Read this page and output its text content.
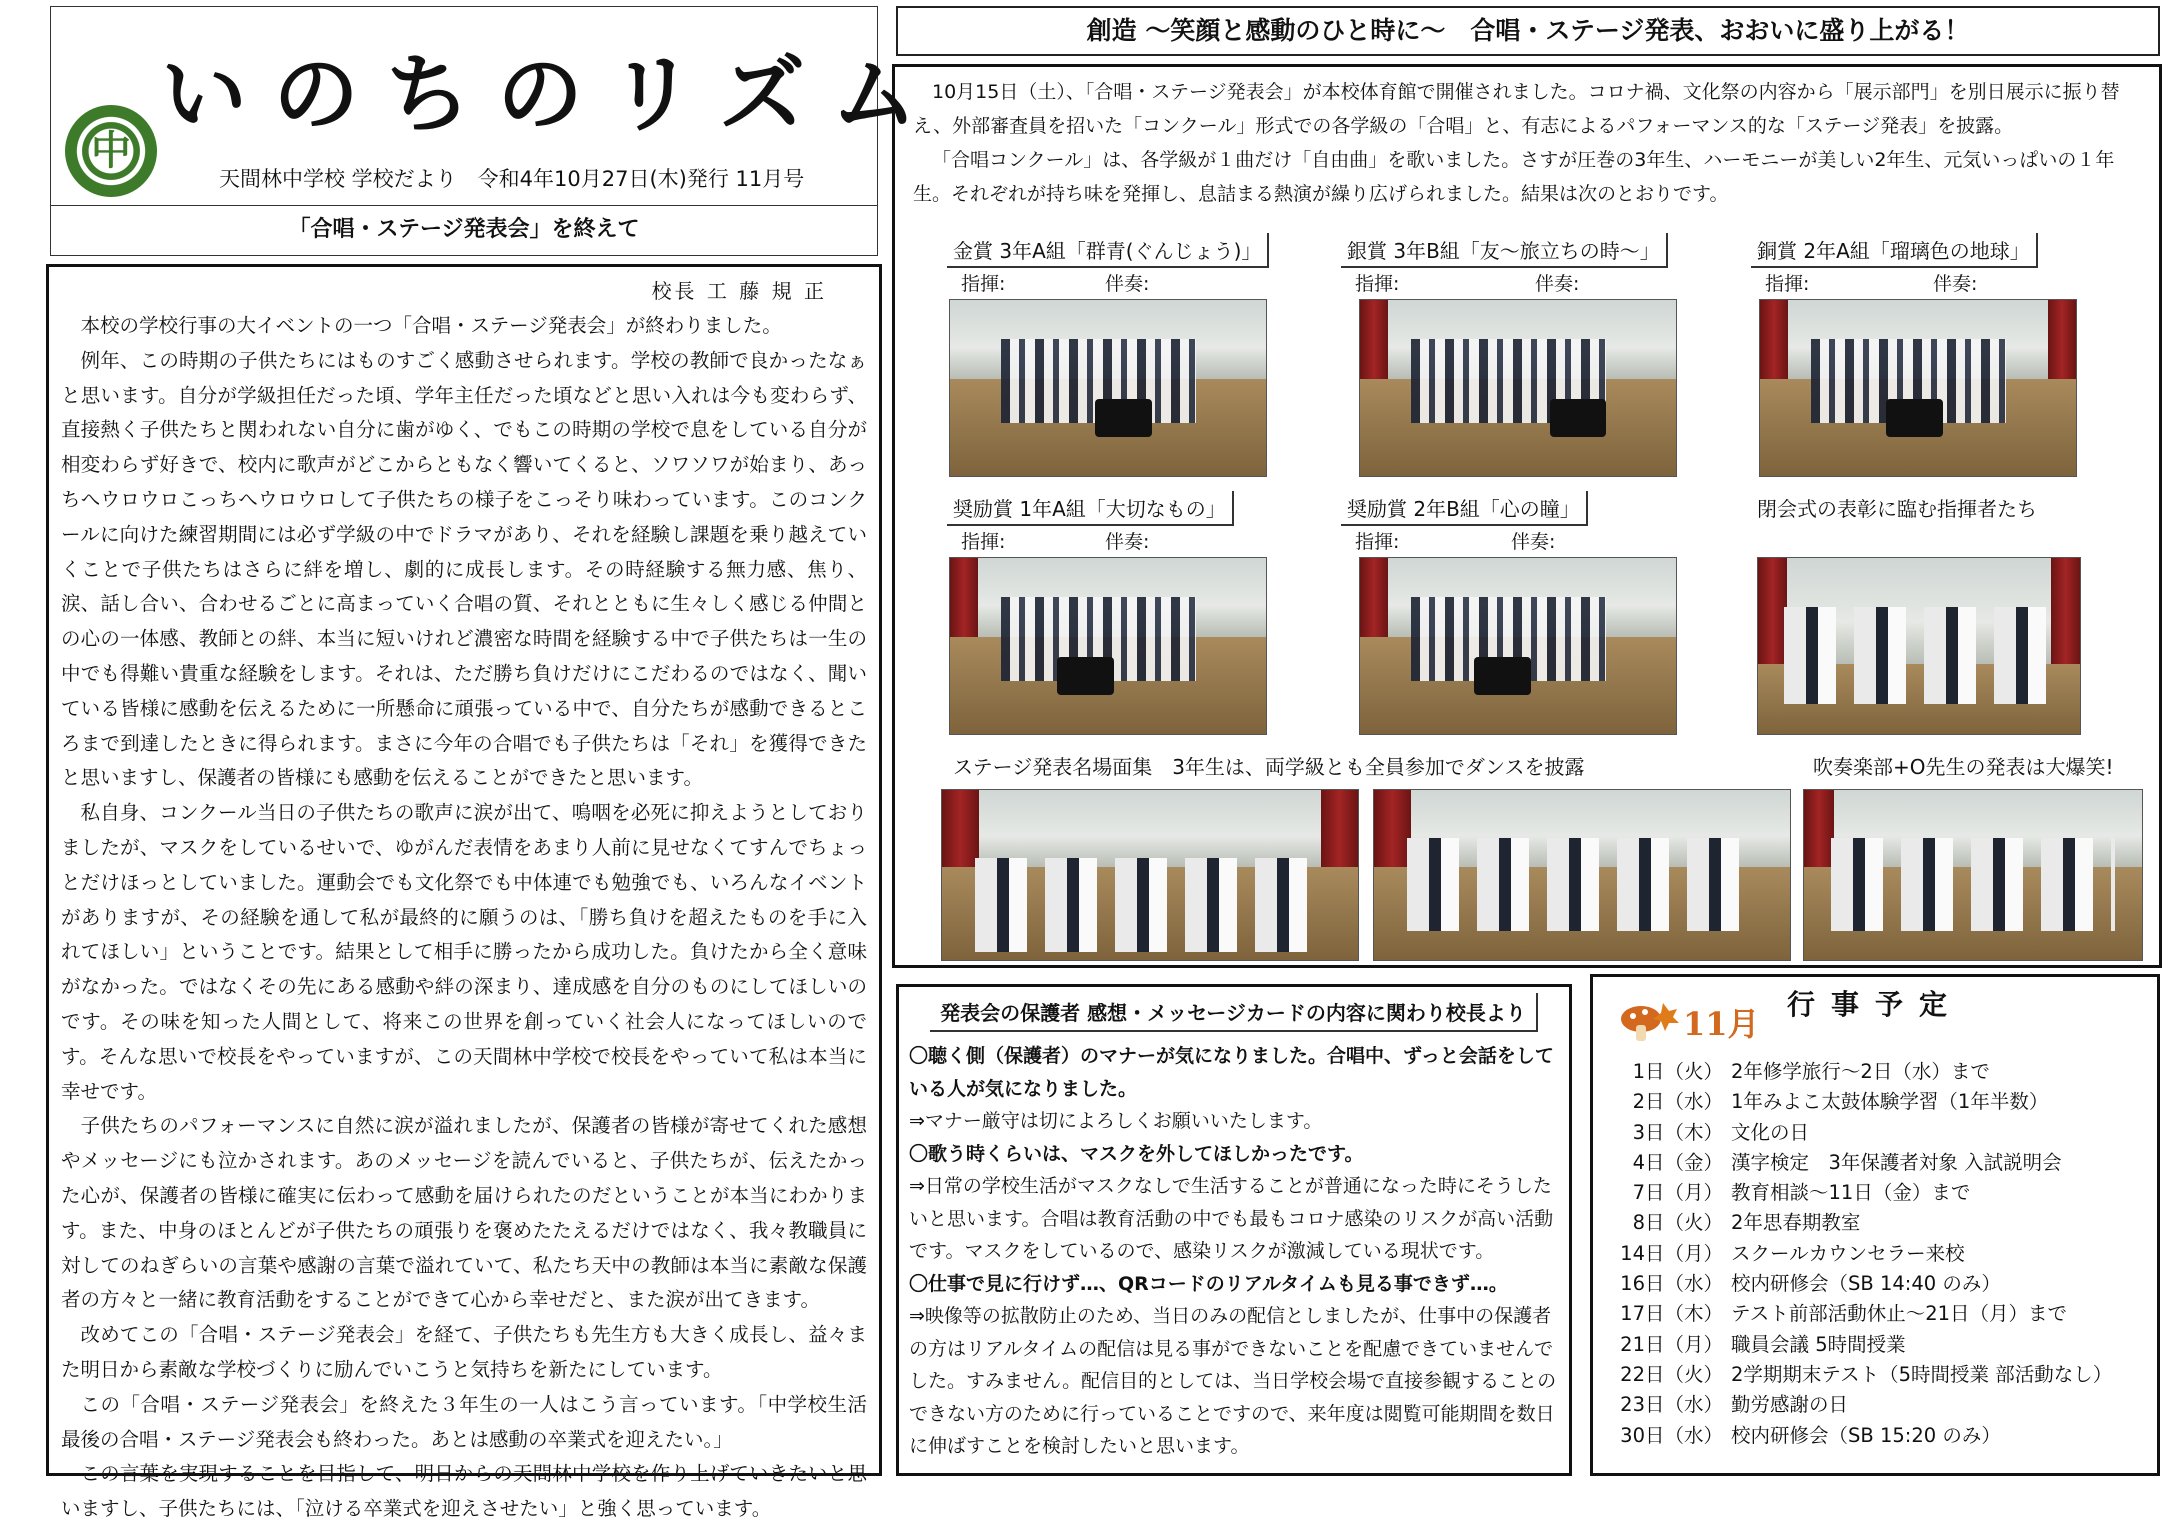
いのちのリズム
中
天間林中学校 学校だより　令和4年10月27日(木)発行 11月号
「合唱・ステージ発表会」を終えて
校長 工 藤 規 正

本校の学校行事の大イベントの一つ「合唱・ステージ発表会」が終わりました。

例年、この時期の子供たちにはものすごく感動させられます。学校の教師で良かったなぁと思います。自分が学級担任だった頃、学年主任だった頃などと思い入れは今も変わらず、直接熱く子供たちと関われない自分に歯がゆく、でもこの時期の学校で息をしている自分が相変わらず好きで、校内に歌声がどこからともなく響いてくると、ソワソワが始まり、あっちへウロウロこっちへウロウロして子供たちの様子をこっそり味わっています。このコンクールに向けた練習期間には必ず学級の中でドラマがあり、それを経験し課題を乗り越えていくことで子供たちはさらに絆を増し、劇的に成長します。その時経験する無力感、焦り、涙、話し合い、合わせるごとに高まっていく合唱の質、それとともに生々しく感じる仲間との心の一体感、教師との絆、本当に短いけれど濃密な時間を経験する中で子供たちは一生の中でも得難い貴重な経験をします。それは、ただ勝ち負けだけにこだわるのではなく、聞いている皆様に感動を伝えるために一所懸命に頑張っている中で、自分たちが感動できるところまで到達したときに得られます。まさに今年の合唱でも子供たちは「それ」を獲得できたと思いますし、保護者の皆様にも感動を伝えることができたと思います。

私自身、コンクール当日の子供たちの歌声に涙が出て、嗚咽を必死に抑えようとしておりましたが、マスクをしているせいで、ゆがんだ表情をあまり人前に見せなくてすんでちょっとだけほっとしていました。運動会でも文化祭でも中体連でも勉強でも、いろんなイベントがありますが、その経験を通して私が最終的に願うのは、「勝ち負けを超えたものを手に入れてほしい」ということです。結果として相手に勝ったから成功した。負けたから全く意味がなかった。ではなくその先にある感動や絆の深まり、達成感を自分のものにしてほしいのです。その味を知った人間として、将来この世界を創っていく社会人になってほしいのです。そんな思いで校長をやっていますが、この天間林中学校で校長をやっていて私は本当に幸せです。

子供たちのパフォーマンスに自然に涙が溢れましたが、保護者の皆様が寄せてくれた感想やメッセージにも泣かされます。あのメッセージを読んでいると、子供たちが、伝えたかった心が、保護者の皆様に確実に伝わって感動を届けられたのだということが本当にわかります。また、中身のほとんどが子供たちの頑張りを褒めたたえるだけではなく、我々教職員に対してのねぎらいの言葉や感謝の言葉で溢れていて、私たち天中の教師は本当に素敵な保護者の方々と一緒に教育活動をすることができて心から幸せだと、また涙が出てきます。

改めてこの「合唱・ステージ発表会」を経て、子供たちも先生方も大きく成長し、益々また明日から素敵な学校づくりに励んでいこうと気持ちを新たにしています。

この「合唱・ステージ発表会」を終えた３年生の一人はこう言っています。「中学校生活最後の合唱・ステージ発表会も終わった。あとは感動の卒業式を迎えたい。」

この言葉を実現することを目指して、明日からの天間林中学校を作り上げていきたいと思いますし、子供たちには、「泣ける卒業式を迎えさせたい」と強く思っています。

創造 ～笑顔と感動のひと時に～　合唱・ステージ発表、おおいに盛り上がる！

10月15日（土）、「合唱・ステージ発表会」が本校体育館で開催されました。コロナ禍、文化祭の内容から「展示部門」を別日展示に振り替え、外部審査員を招いた「コンクール」形式での各学級の「合唱」と、有志によるパフォーマンス的な「ステージ発表」を披露。

「合唱コンクール」は、各学級が１曲だけ「自由曲」を歌いました。さすが圧巻の3年生、ハーモニーが美しい2年生、元気いっぱいの１年生。それぞれが持ち味を発揮し、息詰まる熱演が繰り広げられました。結果は次のとおりです。

金賞 3年A組「群青(ぐんじょう)」
指揮:	伴奏:
銀賞 3年B組「友～旅立ちの時～」
指揮:	伴奏:
銅賞 2年A組「瑠璃色の地球」
指揮:	伴奏:
奨励賞 1年A組「大切なもの」
指揮:	伴奏:
奨励賞 2年B組「心の瞳」
指揮:	伴奏:
閉会式の表彰に臨む指揮者たち
ステージ発表名場面集　3年生は、両学級とも全員参加でダンスを披露	吹奏楽部+O先生の発表は大爆笑!
発表会の保護者 感想・メッセージカードの内容に関わり校長より

〇聴く側（保護者）のマナーが気になりました。合唱中、ずっと会話をしている人が気になりました。

⇒マナー厳守は切によろしくお願いいたします。

〇歌う時くらいは、マスクを外してほしかったです。

⇒日常の学校生活がマスクなしで生活することが普通になった時にそうしたいと思います。合唱は教育活動の中でも最もコロナ感染のリスクが高い活動です。マスクをしているので、感染リスクが激減している現状です。

〇仕事で見に行けず…、QRコードのリアルタイムも見る事できず…。

⇒映像等の拡散防止のため、当日のみの配信としましたが、仕事中の保護者の方はリアルタイムの配信は見る事ができないことを配慮できていませんでした。すみません。配信目的としては、当日学校会場で直接参観することのできない方のために行っていることですので、来年度は閲覧可能期間を数日に伸ばすことを検討したいと思います。

11月
行事予定
1日（火） 2年修学旅行～2日（水）まで
2日（水） 1年みよこ太鼓体験学習（1年半数）
3日（木） 文化の日
4日（金） 漢字検定　3年保護者対象 入試説明会
7日（月） 教育相談～11日（金）まで
8日（火） 2年思春期教室
14日（月） スクールカウンセラー来校
16日（水） 校内研修会（SB 14:40 のみ）
17日（木） テスト前部活動休止～21日（月）まで
21日（月） 職員会議 5時間授業
22日（火） 2学期期末テスト（5時間授業 部活動なし）
23日（水） 勤労感謝の日
30日（水） 校内研修会（SB 15:20 のみ）
